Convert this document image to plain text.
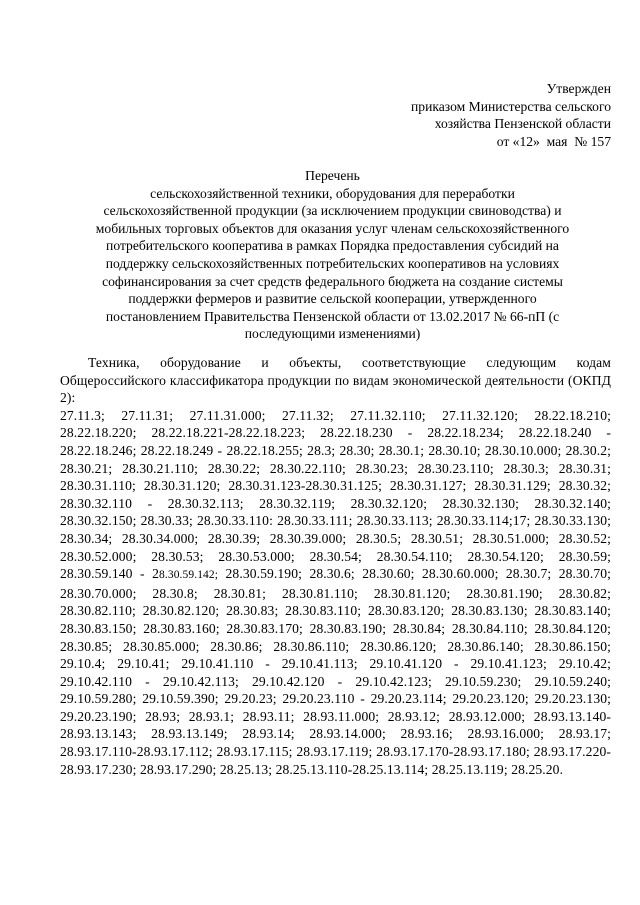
Утвержден
приказом Министерства сельского
хозяйства Пензенской области
от «12»  мая  № 157
Перечень
сельскохозяйственной техники, оборудования для переработки
сельскохозяйственной продукции (за исключением продукции свиноводства) и
мобильных торговых объектов для оказания услуг членам сельскохозяйственного
потребительского кооператива в рамках Порядка предоставления субсидий на
поддержку сельскохозяйственных потребительских кооперативов на условиях
софинансирования за счет средств федерального бюджета на создание системы
поддержки фермеров и развитие сельской кооперации, утвержденного
постановлением Правительства Пензенской области от 13.02.2017 № 66-пП (с
последующими изменениями)

Техника, оборудование и объекты, соответствующие следующим кодам Общероссийского классификатора продукции по видам экономической деятельности (ОКПД 2):

27.11.3; 27.11.31; 27.11.31.000; 27.11.32; 27.11.32.110; 27.11.32.120; 28.22.18.210; 28.22.18.220; 28.22.18.221-28.22.18.223; 28.22.18.230 - 28.22.18.234; 28.22.18.240 - 28.22.18.246; 28.22.18.249 - 28.22.18.255; 28.3; 28.30; 28.30.1; 28.30.10; 28.30.10.000; 28.30.2; 28.30.21; 28.30.21.110; 28.30.22; 28.30.22.110; 28.30.23; 28.30.23.110; 28.30.3; 28.30.31; 28.30.31.110; 28.30.31.120; 28.30.31.123-28.30.31.125; 28.30.31.127; 28.30.31.129; 28.30.32; 28.30.32.110 - 28.30.32.113; 28.30.32.119; 28.30.32.120; 28.30.32.130; 28.30.32.140; 28.30.32.150; 28.30.33; 28.30.33.110: 28.30.33.111; 28.30.33.113; 28.30.33.114;17; 28.30.33.130; 28.30.34; 28.30.34.000; 28.30.39; 28.30.39.000; 28.30.5; 28.30.51; 28.30.51.000; 28.30.52; 28.30.52.000; 28.30.53; 28.30.53.000; 28.30.54; 28.30.54.110; 28.30.54.120; 28.30.59; 28.30.59.140 - 28.30.59.142; 28.30.59.190; 28.30.6; 28.30.60; 28.30.60.000; 28.30.7; 28.30.70; 28.30.70.000; 28.30.8; 28.30.81; 28.30.81.110; 28.30.81.120; 28.30.81.190; 28.30.82; 28.30.82.110; 28.30.82.120; 28.30.83; 28.30.83.110; 28.30.83.120; 28.30.83.130; 28.30.83.140; 28.30.83.150; 28.30.83.160; 28.30.83.170; 28.30.83.190; 28.30.84; 28.30.84.110; 28.30.84.120; 28.30.85; 28.30.85.000; 28.30.86; 28.30.86.110; 28.30.86.120; 28.30.86.140; 28.30.86.150; 29.10.4; 29.10.41; 29.10.41.110 - 29.10.41.113; 29.10.41.120 - 29.10.41.123; 29.10.42; 29.10.42.110 - 29.10.42.113; 29.10.42.120 - 29.10.42.123; 29.10.59.230; 29.10.59.240; 29.10.59.280; 29.10.59.390; 29.20.23; 29.20.23.110 - 29.20.23.114; 29.20.23.120; 29.20.23.130; 29.20.23.190; 28.93; 28.93.1; 28.93.11; 28.93.11.000; 28.93.12; 28.93.12.000; 28.93.13.140-28.93.13.143; 28.93.13.149; 28.93.14; 28.93.14.000; 28.93.16; 28.93.16.000; 28.93.17; 28.93.17.110-28.93.17.112; 28.93.17.115; 28.93.17.119; 28.93.17.170-28.93.17.180; 28.93.17.220-28.93.17.230; 28.93.17.290; 28.25.13; 28.25.13.110-28.25.13.114; 28.25.13.119; 28.25.20.
